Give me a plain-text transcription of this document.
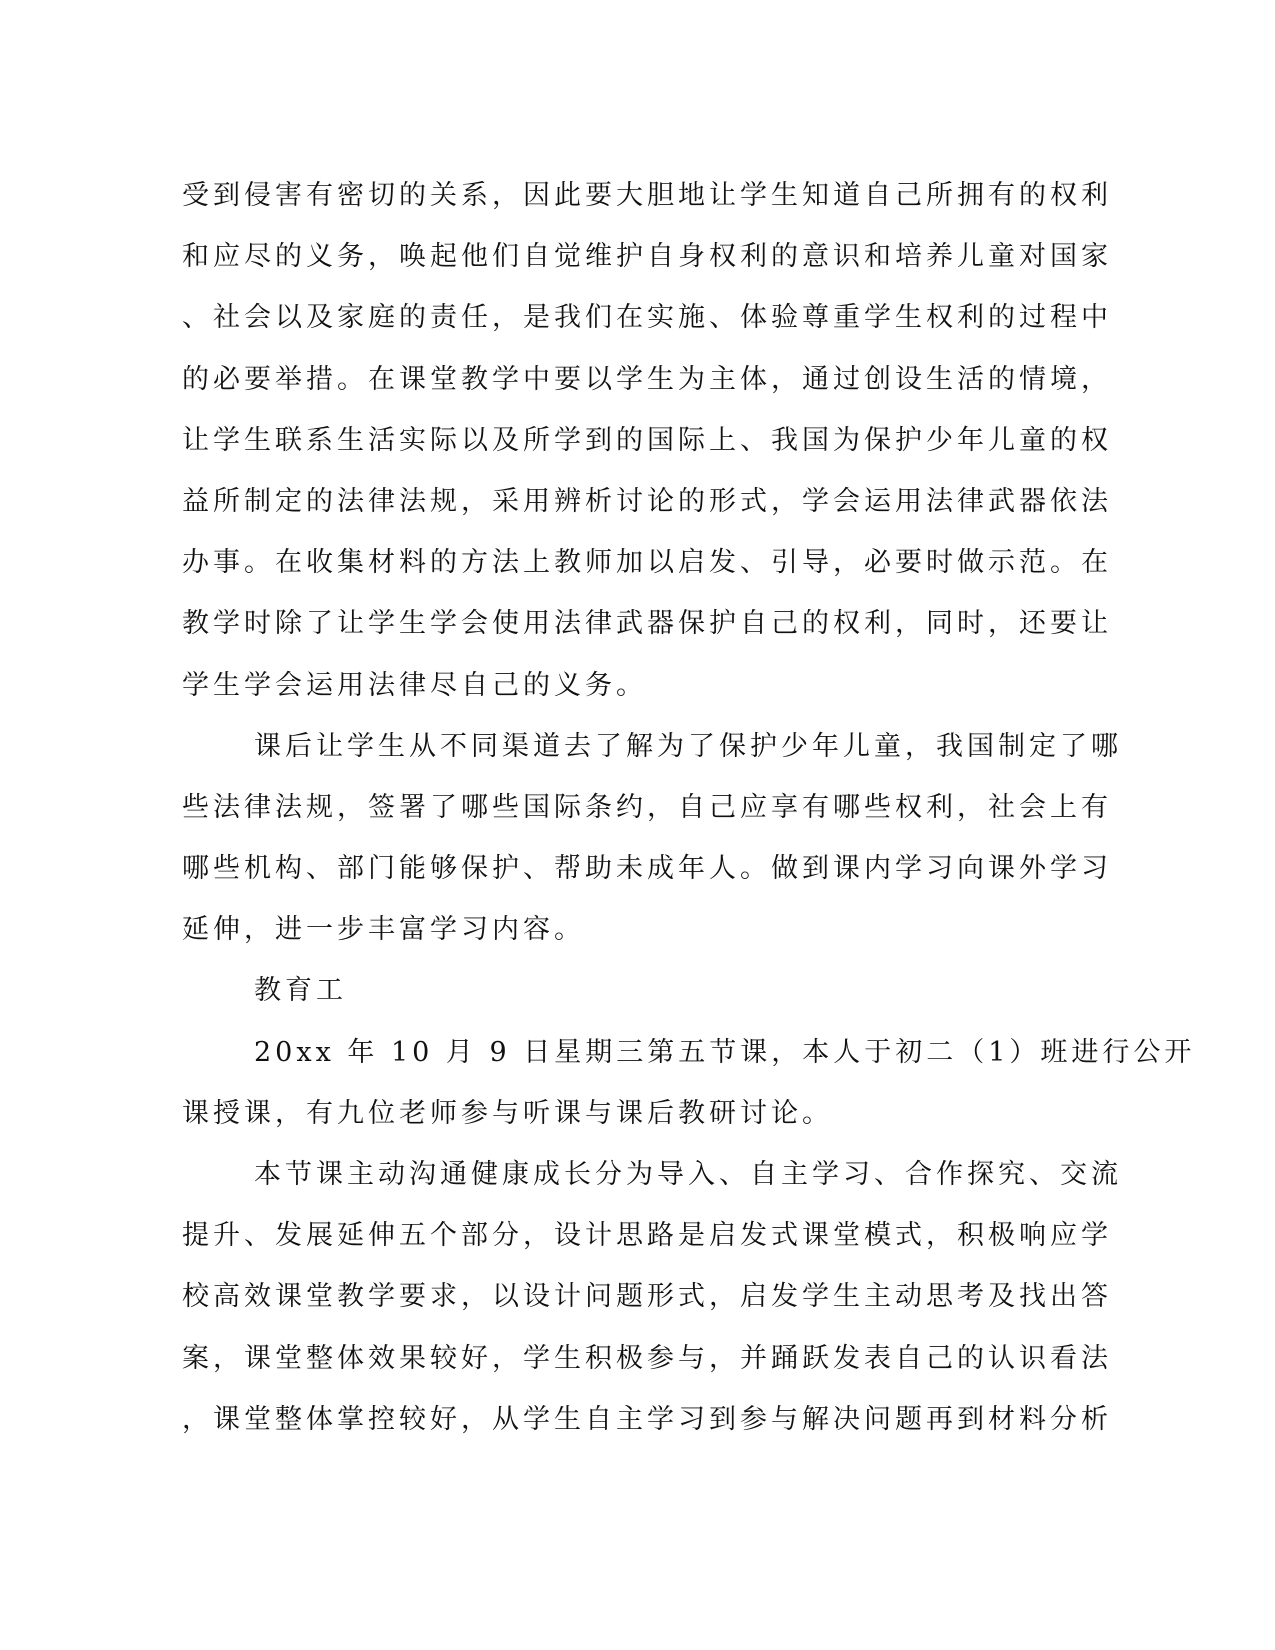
受到侵害有密切的关系，因此要大胆地让学生知道自己所拥有的权利
和应尽的义务，唤起他们自觉维护自身权利的意识和培养儿童对国家
、社会以及家庭的责任，是我们在实施、体验尊重学生权利的过程中
的必要举措。在课堂教学中要以学生为主体，通过创设生活的情境，
让学生联系生活实际以及所学到的国际上、我国为保护少年儿童的权
益所制定的法律法规，采用辨析讨论的形式，学会运用法律武器依法
办事。在收集材料的方法上教师加以启发、引导，必要时做示范。在
教学时除了让学生学会使用法律武器保护自己的权利，同时，还要让
学生学会运用法律尽自己的义务。
课后让学生从不同渠道去了解为了保护少年儿童，我国制定了哪
些法律法规，签署了哪些国际条约，自己应享有哪些权利，社会上有
哪些机构、部门能够保护、帮助未成年人。做到课内学习向课外学习
延伸，进一步丰富学习内容。
教育工
20xx 年 10 月 9 日星期三第五节课，本人于初二（1）班进行公开
课授课，有九位老师参与听课与课后教研讨论。
本节课主动沟通健康成长分为导入、自主学习、合作探究、交流
提升、发展延伸五个部分，设计思路是启发式课堂模式，积极响应学
校高效课堂教学要求，以设计问题形式，启发学生主动思考及找出答
案，课堂整体效果较好，学生积极参与，并踊跃发表自己的认识看法
，课堂整体掌控较好，从学生自主学习到参与解决问题再到材料分析
